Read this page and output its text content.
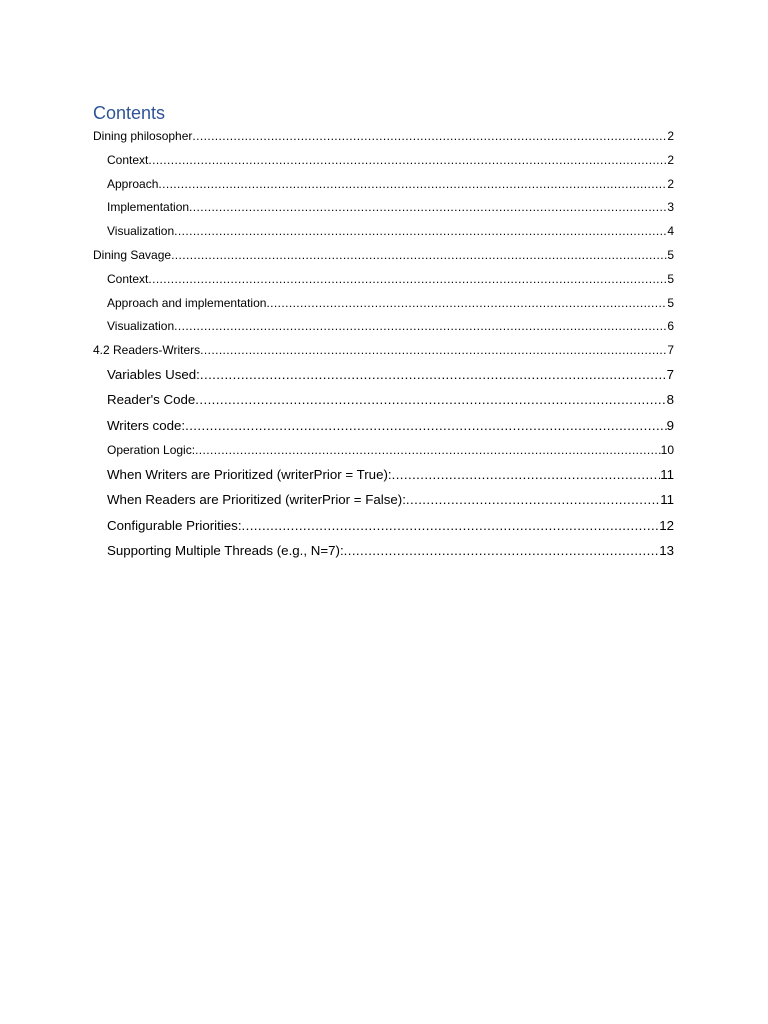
Contents
Dining philosopher .....	2
Context .....	2
Approach .....	2
Implementation .....	3
Visualization .....	4
Dining Savage .....	5
Context .....	5
Approach and implementation .....	5
Visualization .....	6
4.2 Readers-Writers .....	7
Variables Used: .....	7
Reader's Code .....	8
Writers code: .....	9
Operation Logic: .....	10
When Writers are Prioritized (writerPrior = True): .....	11
When Readers are Prioritized (writerPrior = False): .....	11
Configurable Priorities: .....	12
Supporting Multiple Threads (e.g., N=7): .....	13
